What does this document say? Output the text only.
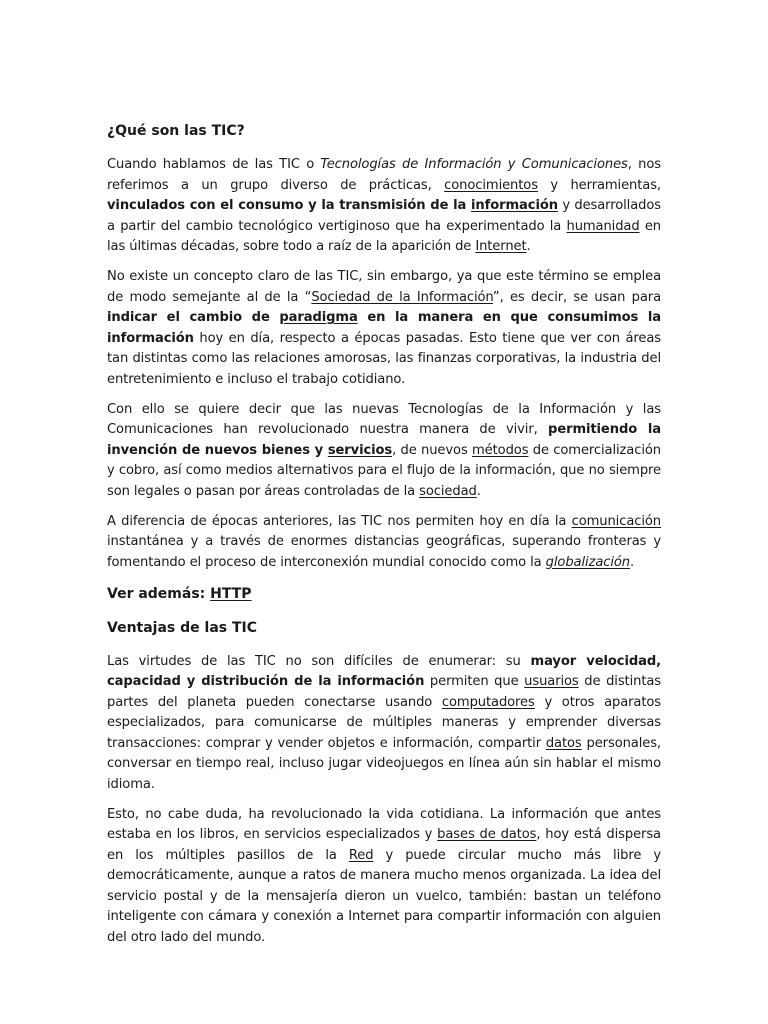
¿Qué son las TIC?

Cuando hablamos de las TIC o Tecnologías de Información y Comunicaciones, nos referimos a un grupo diverso de prácticas, conocimientos y herramientas, vinculados con el consumo y la transmisión de la información y desarrollados a partir del cambio tecnológico vertiginoso que ha experimentado la humanidad en las últimas décadas, sobre todo a raíz de la aparición de Internet.

No existe un concepto claro de las TIC, sin embargo, ya que este término se emplea de modo semejante al de la “Sociedad de la Información”, es decir, se usan para indicar el cambio de paradigma en la manera en que consumimos la información hoy en día, respecto a épocas pasadas. Esto tiene que ver con áreas tan distintas como las relaciones amorosas, las finanzas corporativas, la industria del entretenimiento e incluso el trabajo cotidiano.

Con ello se quiere decir que las nuevas Tecnologías de la Información y las Comunicaciones han revolucionado nuestra manera de vivir, permitiendo la invención de nuevos bienes y servicios, de nuevos métodos de comercialización y cobro, así como medios alternativos para el flujo de la información, que no siempre son legales o pasan por áreas controladas de la sociedad.

A diferencia de épocas anteriores, las TIC nos permiten hoy en día la comunicación instantánea y a través de enormes distancias geográficas, superando fronteras y fomentando el proceso de interconexión mundial conocido como la globalización.

Ver además: HTTP
Ventajas de las TIC

Las virtudes de las TIC no son difíciles de enumerar: su mayor velocidad, capacidad y distribución de la información permiten que usuarios de distintas partes del planeta pueden conectarse usando computadores y otros aparatos especializados, para comunicarse de múltiples maneras y emprender diversas transacciones: comprar y vender objetos e información, compartir datos personales, conversar en tiempo real, incluso jugar videojuegos en línea aún sin hablar el mismo idioma.

Esto, no cabe duda, ha revolucionado la vida cotidiana. La información que antes estaba en los libros, en servicios especializados y bases de datos, hoy está dispersa en los múltiples pasillos de la Red y puede circular mucho más libre y democráticamente, aunque a ratos de manera mucho menos organizada. La idea del servicio postal y de la mensajería dieron un vuelco, también: bastan un teléfono inteligente con cámara y conexión a Internet para compartir información con alguien del otro lado del mundo.
